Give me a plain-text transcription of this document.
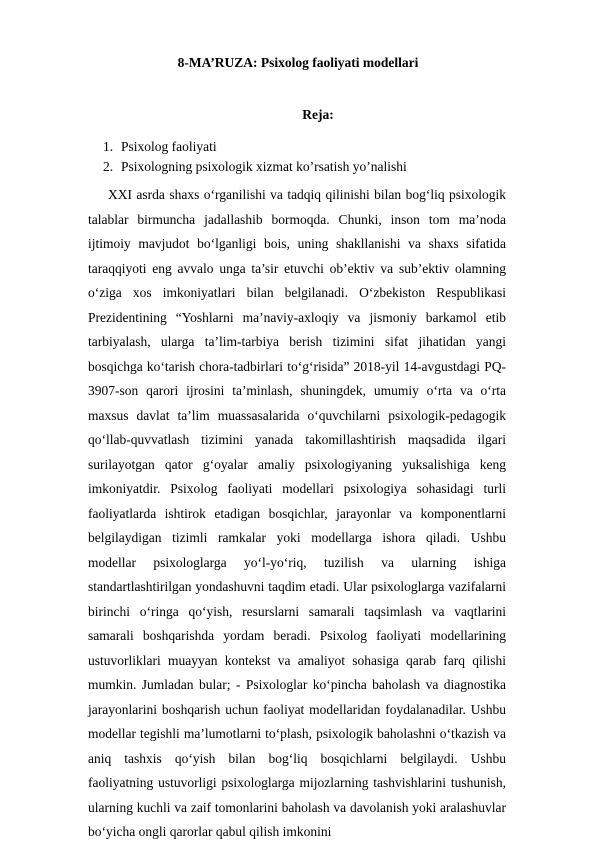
8-MA’RUZA: Psixolog faoliyati modellari
Reja:
1. Psixolog faoliyati
2. Psixologning psixologik xizmat ko’rsatish yo’nalishi

XXI asrda shaxs o‘rganilishi va tadqiq qilinishi bilan bog‘liq psixologik talablar birmuncha jadallashib bormoqda. Chunki, inson tom ma’noda ijtimoiy mavjudot bo‘lganligi bois, uning shakllanishi va shaxs sifatida taraqqiyoti eng avvalo unga ta’sir etuvchi ob’ektiv va sub’ektiv olamning o‘ziga xos imkoniyatlari bilan belgilanadi. O‘zbekiston Respublikasi Prezidentining “Yoshlarni ma’naviy-axloqiy va jismoniy barkamol etib tarbiyalash, ularga ta’lim-tarbiya berish tizimini sifat jihatidan yangi bosqichga ko‘tarish chora-tadbirlari to‘g‘risida” 2018-yil 14-avgustdagi PQ-3907-son qarori ijrosini ta’minlash, shuningdek, umumiy o‘rta va o‘rta maxsus davlat ta’lim muassasalarida o‘quvchilarni psixologik-pedagogik qo‘llab-quvvatlash tizimini yanada takomillashtirish maqsadida ilgari surilayotgan qator g‘oyalar amaliy psixologiyaning yuksalishiga keng imkoniyatdir. Psixolog faoliyati modellari psixologiya sohasidagi turli faoliyatlarda ishtirok etadigan bosqichlar, jarayonlar va komponentlarni belgilaydigan tizimli ramkalar yoki modellarga ishora qiladi. Ushbu modellar psixologlarga yo‘l-yo‘riq, tuzilish va ularning ishiga standartlashtirilgan yondashuvni taqdim etadi. Ular psixologlarga vazifalarni birinchi o‘ringa qo‘yish, resurslarni samarali taqsimlash va vaqtlarini samarali boshqarishda yordam beradi. Psixolog faoliyati modellarining ustuvorliklari muayyan kontekst va amaliyot sohasiga qarab farq qilishi mumkin. Jumladan bular; - Psixologlar ko‘pincha baholash va diagnostika jarayonlarini boshqarish uchun faoliyat modellaridan foydalanadilar. Ushbu modellar tegishli ma’lumotlarni to‘plash, psixologik baholashni o‘tkazish va aniq tashxis qo‘yish bilan bog‘liq bosqichlarni belgilaydi. Ushbu faoliyatning ustuvorligi psixologlarga mijozlarning tashvishlarini tushunish, ularning kuchli va zaif tomonlarini baholash va davolanish yoki aralashuvlar bo‘yicha ongli qarorlar qabul qilish imkonini
